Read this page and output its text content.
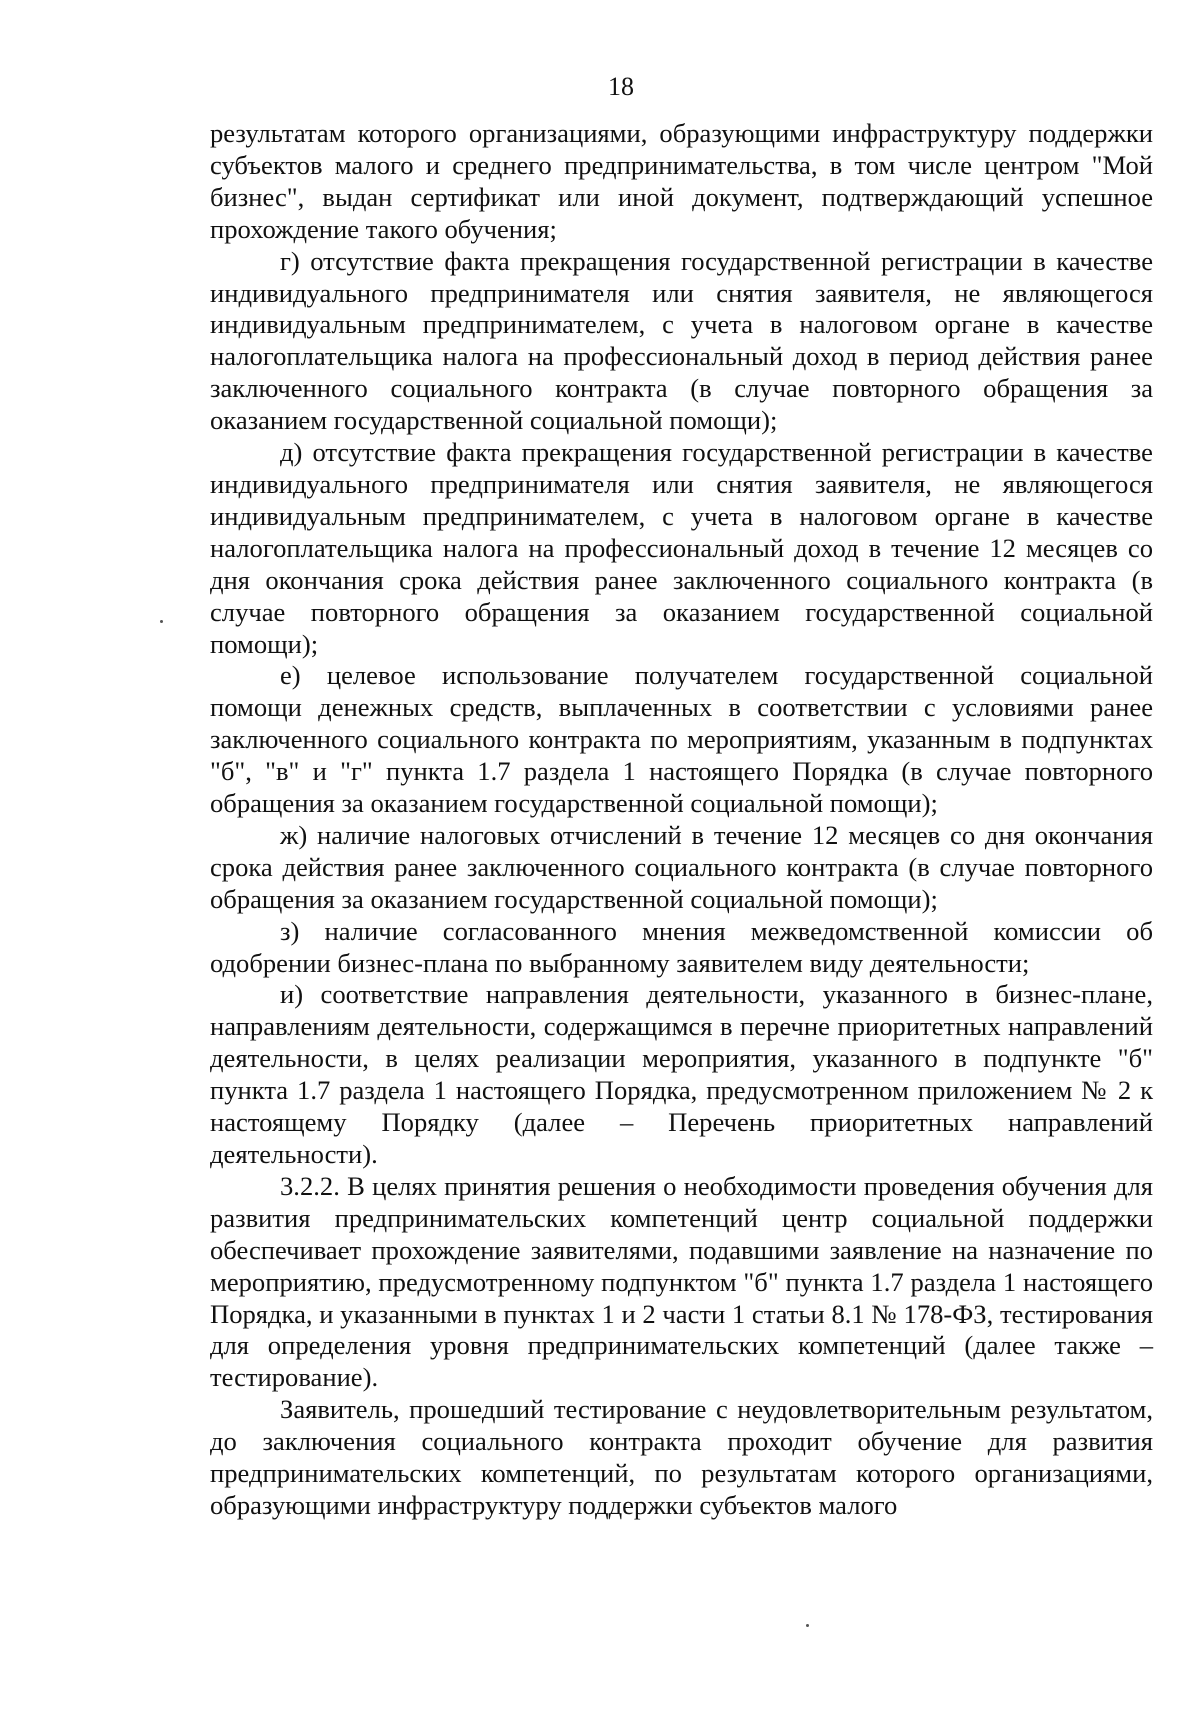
18

результатам которого организациями, образующими инфраструктуру поддержки субъектов малого и среднего предпринимательства, в том числе центром "Мой бизнес", выдан сертификат или иной документ, подтверждающий успешное прохождение такого обучения;

г) отсутствие факта прекращения государственной регистрации в качестве индивидуального предпринимателя или снятия заявителя, не являющегося индивидуальным предпринимателем, с учета в налоговом органе в качестве налогоплательщика налога на профессиональный доход в период действия ранее заключенного социального контракта (в случае повторного обращения за оказанием государственной социальной помощи);

д) отсутствие факта прекращения государственной регистрации в качестве индивидуального предпринимателя или снятия заявителя, не являющегося индивидуальным предпринимателем, с учета в налоговом органе в качестве налогоплательщика налога на профессиональный доход в течение 12 месяцев со дня окончания срока действия ранее заключенного социального контракта (в случае повторного обращения за оказанием государственной социальной помощи);

е) целевое использование получателем государственной социальной помощи денежных средств, выплаченных в соответствии с условиями ранее заключенного социального контракта по мероприятиям, указанным в подпунктах "б", "в" и "г" пункта 1.7 раздела 1 настоящего Порядка (в случае повторного обращения за оказанием государственной социальной помощи);

ж) наличие налоговых отчислений в течение 12 месяцев со дня окончания срока действия ранее заключенного социального контракта (в случае повторного обращения за оказанием государственной социальной помощи);

з) наличие согласованного мнения межведомственной комиссии об одобрении бизнес-плана по выбранному заявителем виду деятельности;

и) соответствие направления деятельности, указанного в бизнес-плане, направлениям деятельности, содержащимся в перечне приоритетных направлений деятельности, в целях реализации мероприятия, указанного в подпункте "б" пункта 1.7 раздела 1 настоящего Порядка, предусмотренном приложением № 2 к настоящему Порядку (далее – Перечень приоритетных направлений деятельности).

3.2.2. В целях принятия решения о необходимости проведения обучения для развития предпринимательских компетенций центр социальной поддержки обеспечивает прохождение заявителями, подавшими заявление на назначение по мероприятию, предусмотренному подпунктом "б" пункта 1.7 раздела 1 настоящего Порядка, и указанными в пунктах 1 и 2 части 1 статьи 8.1 № 178-ФЗ, тестирования для определения уровня предпринимательских компетенций (далее также – тестирование).

Заявитель, прошедший тестирование с неудовлетворительным результатом, до заключения социального контракта проходит обучение для развития предпринимательских компетенций, по результатам которого организациями, образующими инфраструктуру поддержки субъектов малого
